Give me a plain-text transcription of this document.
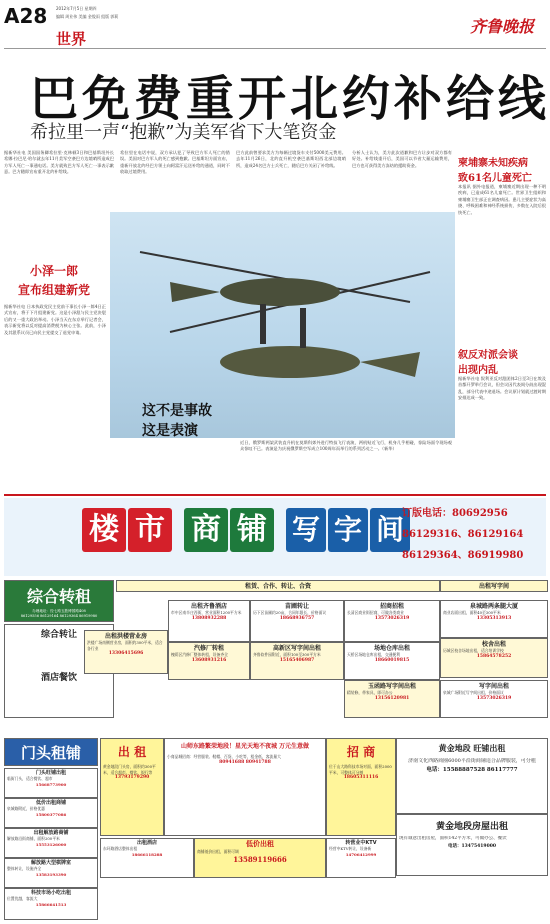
A28 2012年7月5日 星期四
编辑 周业伟 美编 金俊雨 组版 郭莉
世界
齐鲁晚报
巴免费重开北约补给线
希拉里一声“抱歉”为美军省下大笔资金
据新华社电 美国国务卿希拉里·克林顿3日和巴基斯坦外长希娜·拉巴尼·哈尔就去年11月美军空袭巴方边境哨所造成巴方军人死亡一事通电话。美方就致巴方军人死亡一事表示歉意。巴方随即宣布重开北约补给线。
希拉里在电话中说，双方承认犯了导致巴方军人死亡的错误。美国对巴方军人的死亡感到抱歉。巴基斯坦方面宣布，重新开放北约经巴方领土向阿富汗运送补给的通道，同时不收取过境费用。
巴方此前曾要求美方为每辆过境货车支付5000美元费用。去年11月26日，北约直升机空袭巴基斯坦西北部边境哨所，造成24名巴方士兵死亡，随后巴方关闭了补给线。
分析人士认为，美方此次道歉和巴方让步对双方都有好处。补给线重开后，美国可以节省大量运输费用，巴方也可获得美方冻结的援助资金。
小泽一郎
宣布组建新党
据新华社电 日本执政党民主党前干事长小泽一郎4日正式宣布，将于下月组建新党。这是小泽派与民主党决裂后的又一重大政治举动。小泽当天在东京举行记者会，表示新党将以反对提高消费税为核心主张。此前，小泽及其派系议员已向民主党提交了退党申请。
这不是事故
这是表演
近日，俄罗斯两架武装直升机在莫斯科郊外进行特技飞行表演，两机贴近飞行，机身几乎相碰，惊险场面令现场观众惊叹不已。表演是为庆祝俄罗斯空军成立100周年而举行的系列活动之一。（新华）
柬埔寨未知疾病
致61名儿童死亡
本报讯 据外电报道，柬埔寨近期出现一种不明疾病，已造成61名儿童死亡。世界卫生组织和柬埔寨卫生部正在调查病因。患儿主要症状为高烧、呼吸困难和神经系统损伤，多数在入院后很快死亡。
叙反对派会谈
出现内乱
据新华社电 叙利亚反对派团体2日至3日在埃及首都开罗举行会议，但会议因代表间分歧出现混乱，部分代表中途退场。会议原计划就过渡时期安排达成一致。
楼 市 商 铺 写 字 间
订版电话：80692956
86129316、86129164
86129364、86919980
综合转租
办理地址：经七路五胜博园路408
86129556 86129164 86129364 86919980
综合转让
酒店餐饮
租赁、合作、转让、合资	出租写字间
出租洪楼营业房
洪楼广场南侧营业房，面积约300平米，适合各行业
13306415696
出租齐鲁酒店
市中区南辛庄西街，营业面积1200平方米
13808932288
苗圃转让
历下区苗圃约20亩，合同年限长，价格面议
18668936757
招商招租
长清区商业街招商，可做各类商业
13573026319
泉城路两条腿大厦
商业店面出租，面积40至300平米
13305313913
校舍出租
历城区校舍场地出租，适合培训学校
15864578252
汽修厂转租
槐荫区汽修厂整体转租，设备齐全
13608931216
高新区写字间出租
齐鲁软件园附近，面积100至300平方米
15165406987
场地仓库出租
天桥区场地仓库出租，交通便利
18660019815
玉函路写字间出租
精装修，带家具，即可办公
13156120981
写字间出租
泉城广场附近写字间出租，价格面议
13573026319
门头租铺	出 租
黄金地段门头房，面积约300平米，适合超市、餐饮、银行等
13793179290
山师东路繁荣地段！星光天地不夜城 万元生意做
小商品城招商：经营服装、鞋帽、百货、小吃等，租金低，客流量大
80941688 80941788
招 商
位于山大路科技市场对面，面积2000平米，可整体可分割
18605311116
黄金地段 旺铺出租
济南文化西路商圈6000平沿街商铺适合品牌服装，可分租
电话：15588887528 86117777
黄金地段房屋出租
现有诚意出租房屋，面积142平方米，可做办公、餐饮
电话：13475419000
门头旺铺出租
临街门头，适合餐饮、超市
15668773900
低价出租商铺
泉城路附近，价格优惠
15800377086
出租解放路商铺
解放路沿街商铺，面积200平米
15553126000
解放路大型棋牌室
整体转让，设施齐全
13583193390
科技市场小吃出租
位置优越，客流大
15866641513
出租酒店
东环路酒店整体出租
18666118288
转营业中KTV
经营中KTV转让，设备新
14706412999
低价出租
商铺低价出租，面积可调
13589119666
